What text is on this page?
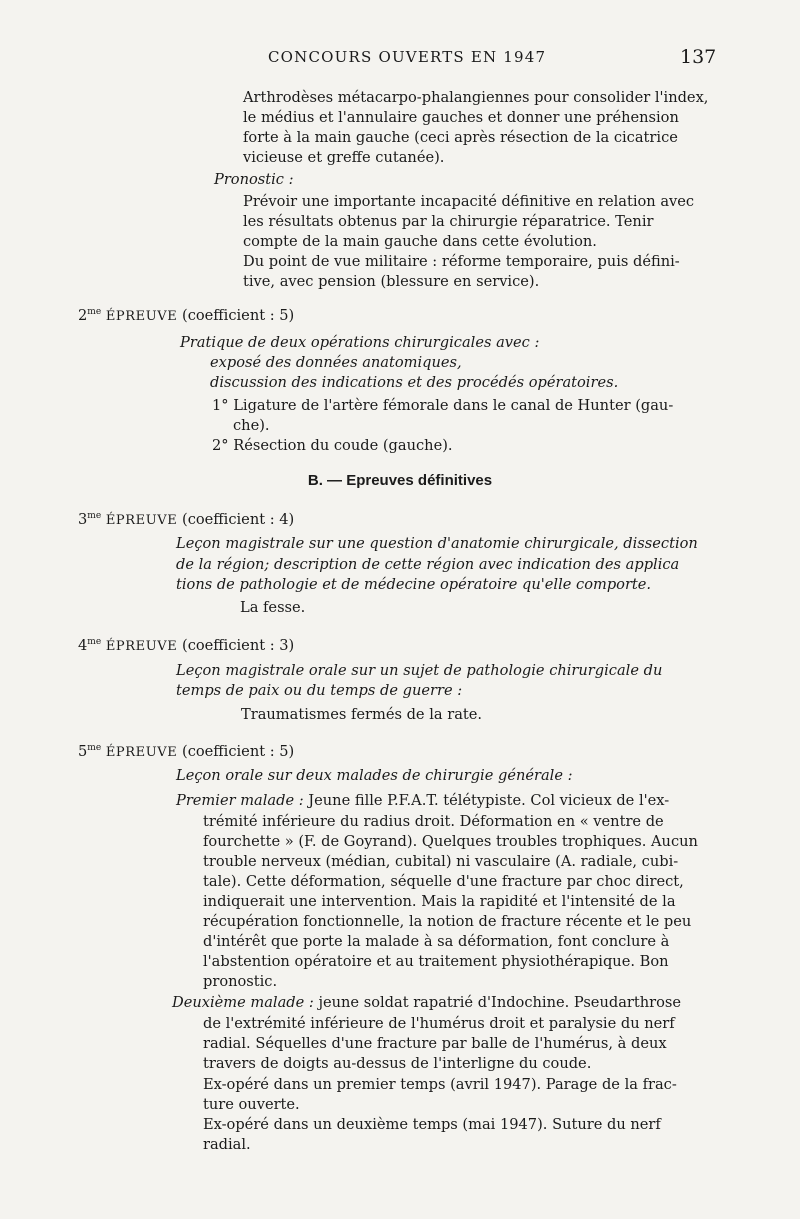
CONCOURS OUVERTS EN 1947	137
Arthrodèses métacarpo-phalangiennes pour consolider l'index,
le médius et l'annulaire gauches et donner une préhension
forte à la main gauche (ceci après résection de la cicatrice
vicieuse et greffe cutanée).
Pronostic :
Prévoir une importante incapacité définitive en relation avec
les résultats obtenus par la chirurgie réparatrice. Tenir
compte de la main gauche dans cette évolution.
Du point de vue militaire : réforme temporaire, puis défini-
tive, avec pension (blessure en service).
$2^{me}$ ÉPREUVE (coefficient : 5)
Pratique de deux opérations chirurgicales avec :
exposé des données anatomiques,
discussion des indications et des procédés opératoires.
1° Ligature de l'artère fémorale dans le canal de Hunter (gau-
che).
2° Résection du coude (gauche).
B. — Epreuves définitives
$3^{me}$ ÉPREUVE (coefficient : 4)
Leçon magistrale sur une question d'anatomie chirurgicale, dissection
de la région; description de cette région avec indication des applica
tions de pathologie et de médecine opératoire qu'elle comporte.
La fesse.
$4^{me}$ ÉPREUVE (coefficient : 3)
Leçon magistrale orale sur un sujet de pathologie chirurgicale du
temps de paix ou du temps de guerre :
Traumatismes fermés de la rate.
$5^{me}$ ÉPREUVE (coefficient : 5)
Leçon orale sur deux malades de chirurgie générale :
Premier malade : Jeune fille P.F.A.T. télétypiste. Col vicieux de l'ex-
trémité inférieure du radius droit. Déformation en « ventre de
fourchette » (F. de Goyrand). Quelques troubles trophiques. Aucun
trouble nerveux (médian, cubital) ni vasculaire (A. radiale, cubi-
tale). Cette déformation, séquelle d'une fracture par choc direct,
indiquerait une intervention. Mais la rapidité et l'intensité de la
récupération fonctionnelle, la notion de fracture récente et le peu
d'intérêt que porte la malade à sa déformation, font conclure à
l'abstention opératoire et au traitement physiothérapique. Bon
pronostic.
Deuxième malade : jeune soldat rapatrié d'Indochine. Pseudarthrose
de l'extrémité inférieure de l'humérus droit et paralysie du nerf
radial. Séquelles d'une fracture par balle de l'humérus, à deux
travers de doigts au-dessus de l'interligne du coude.
Ex-opéré dans un premier temps (avril 1947). Parage de la frac-
ture ouverte.
Ex-opéré dans un deuxième temps (mai 1947). Suture du nerf
radial.
